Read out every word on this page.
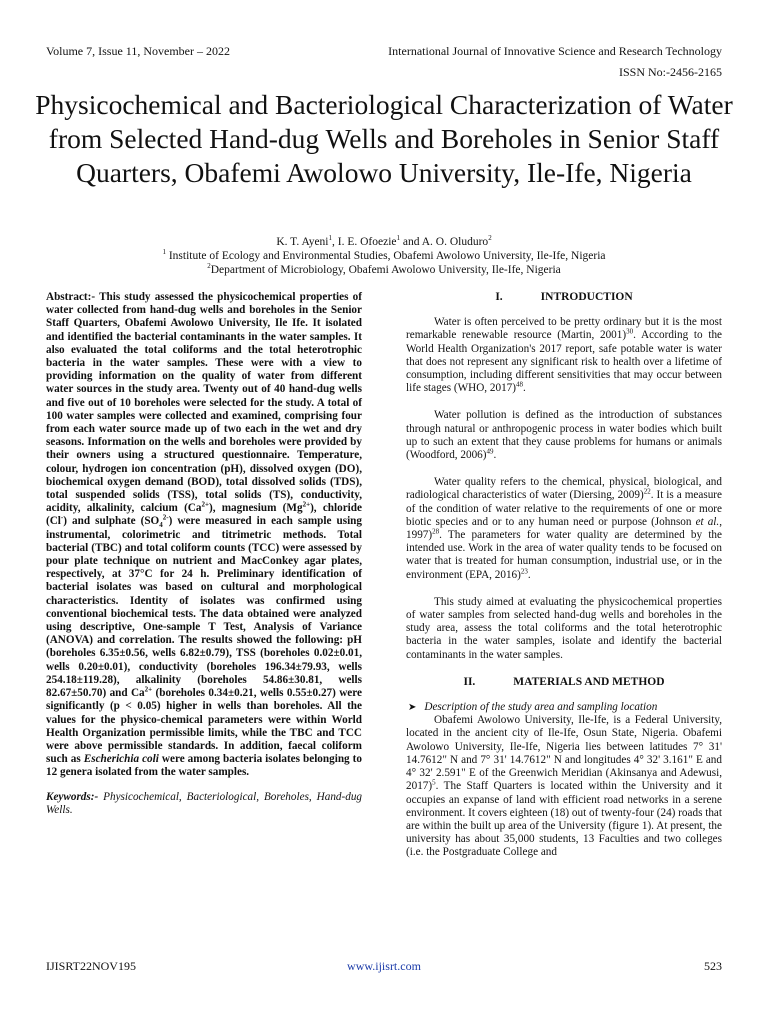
Volume 7, Issue 11, November – 2022	International Journal of Innovative Science and Research Technology
ISSN No:-2456-2165
Physicochemical and Bacteriological Characterization of Water from Selected Hand-dug Wells and Boreholes in Senior Staff Quarters, Obafemi Awolowo University, Ile-Ife, Nigeria
K. T. Ayeni$^1$, I. E. Ofoezie$^1$ and A. O. Oluduro$^2$
$^1$ Institute of Ecology and Environmental Studies, Obafemi Awolowo University, Ile-Ife, Nigeria
$^2$Department of Microbiology, Obafemi Awolowo University, Ile-Ife, Nigeria
Abstract:- This study assessed the physicochemical properties of water collected from hand-dug wells and boreholes in the Senior Staff Quarters, Obafemi Awolowo University, Ile Ife. It isolated and identified the bacterial contaminants in the water samples. It also evaluated the total coliforms and the total heterotrophic bacteria in the water samples. These were with a view to providing information on the quality of water from different water sources in the study area. Twenty out of 40 hand-dug wells and five out of 10 boreholes were selected for the study. A total of 100 water samples were collected and examined, comprising four from each water source made up of two each in the wet and dry seasons. Information on the wells and boreholes were provided by their owners using a structured questionnaire. Temperature, colour, hydrogen ion concentration (pH), dissolved oxygen (DO), biochemical oxygen demand (BOD), total dissolved solids (TDS), total suspended solids (TSS), total solids (TS), conductivity, acidity, alkalinity, calcium $(Ca^{2+})$, magnesium $(Mg^{2+})$, chloride (Cl-) and sulphate $(SO_4^{2-})$ were measured in each sample using instrumental, colorimetric and titrimetric methods. Total bacterial (TBC) and total coliform counts (TCC) were assessed by pour plate technique on nutrient and MacConkey agar plates, respectively, at 37°C for 24 h. Preliminary identification of bacterial isolates was based on cultural and morphological characteristics. Identity of isolates was confirmed using conventional biochemical tests. The data obtained were analyzed using descriptive, One-sample T Test, Analysis of Variance (ANOVA) and correlation. The results showed the following: pH (boreholes 6.35±0.56, wells 6.82±0.79), TSS (boreholes 0.02±0.01, wells 0.20±0.01), conductivity (boreholes 196.34±79.93, wells 254.18±119.28), alkalinity (boreholes 54.86±30.81, wells 82.67±50.70) and $Ca^{2+}$ (boreholes 0.34±0.21, wells 0.55±0.27) were significantly (p < 0.05) higher in wells than boreholes. All the values for the physico-chemical parameters were within World Health Organization permissible limits, while the TBC and TCC were above permissible standards. In addition, faecal coliform such as Escherichia coli were among bacteria isolates belonging to 12 genera isolated from the water samples.
Keywords:- Physicochemical, Bacteriological, Boreholes, Hand-dug Wells.
I.	INTRODUCTION

Water is often perceived to be pretty ordinary but it is the most remarkable renewable resource (Martin, 2001)$^{30}$. According to the World Health Organization's 2017 report, safe potable water is water that does not represent any significant risk to health over a lifetime of consumption, including different sensitivities that may occur between life stages (WHO, 2017)$^{48}$.

Water pollution is defined as the introduction of substances through natural or anthropogenic process in water bodies which built up to such an extent that they cause problems for humans or animals (Woodford, 2006)$^{49}$.

Water quality refers to the chemical, physical, biological, and radiological characteristics of water (Diersing, 2009)$^{22}$. It is a measure of the condition of water relative to the requirements of one or more biotic species and or to any human need or purpose (Johnson et al., 1997)$^{28}$. The parameters for water quality are determined by the intended use. Work in the area of water quality tends to be focused on water that is treated for human consumption, industrial use, or in the environment (EPA, 2016)$^{23}$.

This study aimed at evaluating the physicochemical properties of water samples from selected hand-dug wells and boreholes in the study area, assess the total coliforms and the total heterotrophic bacteria in the water samples, isolate and identify the bacterial contaminants in the water samples.

II.	MATERIALS AND METHOD
➤ Description of the study area and sampling location

Obafemi Awolowo University, Ile-Ife, is a Federal University, located in the ancient city of Ile-Ife, Osun State, Nigeria. Obafemi Awolowo University, Ile-Ife, Nigeria lies between latitudes 7° 31' 14.7612" N and 7° 31' 14.7612" N and longitudes 4° 32' 3.161" E and 4° 32' 2.591" E of the Greenwich Meridian (Akinsanya and Adewusi, 2017)$^5$. The Staff Quarters is located within the University and it occupies an expanse of land with efficient road networks in a serene environment. It covers eighteen (18) out of twenty-four (24) roads that are within the built up area of the University (figure 1). At present, the university has about 35,000 students, 13 Faculties and two colleges (i.e. the Postgraduate College and

IJISRT22NOV195	www.ijisrt.com	523
